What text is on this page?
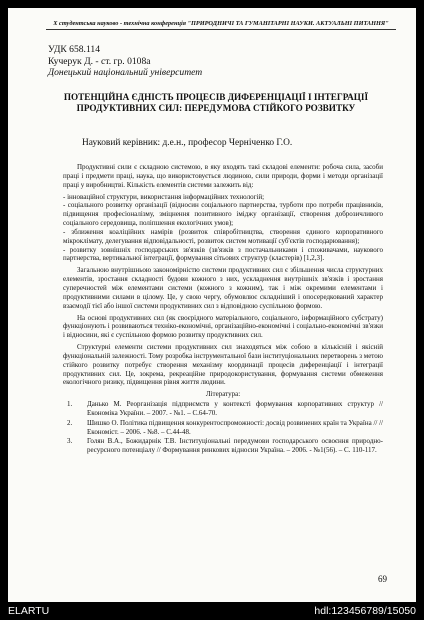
Х студентська науково - технічна конференція "ПРИРОДНИЧІ ТА ГУМАНІТАРНІ НАУКИ. АКТУАЛЬНІ ПИТАННЯ"
УДК 658.114
Кучерук Д. - ст. гр. 0108а
Донецький національний університет
ПОТЕНЦІЙНА ЄДНІСТЬ ПРОЦЕСІВ ДИФЕРЕНЦІАЦІЇ І ІНТЕГРАЦІЇ ПРОДУКТИВНИХ СИЛ: ПЕРЕДУМОВА СТІЙКОГО РОЗВИТКУ
Науковий керівник: д.е.н., професор Черніченко Г.О.

Продуктивні сили є складною системою, в яку входять такі складові елементи: робоча сила, засоби праці і предмети праці, наука, що використовується людиною, сили природи, форми і методи організації праці у виробництві. Кількість елементів системи залежить від:

- інноваційної структури, використання інформаційних технологій;

- соціального розвитку організації (відносин соціального партнерства, турботи про потреби працівників, підвищення професіоналізму, зміцнення позитивного іміджу організації, створення доброзичливого соціального середовища, поліпшення екологічних умов);

- зближення коаліційних намірів (розвиток співробітництва, створення єдиного корпоративного мікроклімату, делегування відповідальності, розвиток систем мотивації суб'єктів господарювання);

- розвитку зовнішніх господарських зв'язків (зв'язків з постачальниками і споживачами, наукового партнерства, вертикальної інтеграції, формування сітьових структур (кластерів) [1,2,3].

Загальною внутрішньою закономірністю системи продуктивних сил є збільшення числа структурних елементів, зростання складності будови кожного з них, ускладнення внутрішніх зв'язків і зростання суперечностей між елементами системи (кожного з кожним), так і між окремими елементами і продуктивними силами в цілому. Це, у свою чергу, обумовлює складніший і опосередкований характер взаємодії тієї або іншої системи продуктивних сил з відповідною суспільною формою.

На основі продуктивних сил (як своєрідного матеріального, соціального, інформаційного субстрату) функціонують і розвиваються техніко-економічні, організаційно-економічні і соціально-економічні зв'язки і відносини, які є суспільною формою розвитку продуктивних сил.

Структурні елементи системи продуктивних сил знаходяться між собою в кількісній і якісній функціональній залежності. Тому розробка інструментальної бази інституціональних перетворень з метою стійкого розвитку потребує створення механізму координації процесів диференціації і інтеграції продуктивних сил. Це, зокрема, рекреаційне природокористування, формування системи обмеження екологічного ризику, підвищення рівня життя людини.

Література:
1. Данько М. Реорганізація підприємств у контексті формування корпоративних структур // Економіка України. – 2007. - №1. – С.64-70.
2. Шишко О. Політика підвищення конкурентоспроможності: досвід розвинених країн та Україна // // Економіст. – 2006. - №8. – С.44-48.
3. Голян В.А., Божидарнік Т.В. Інституціональні передумови господарського освоєння природно-ресурсного потенціалу // Формування ринкових відносин Україна. – 2006. - №1(56). – С. 110-117.
69
ELARTU	hdl:123456789/15050
